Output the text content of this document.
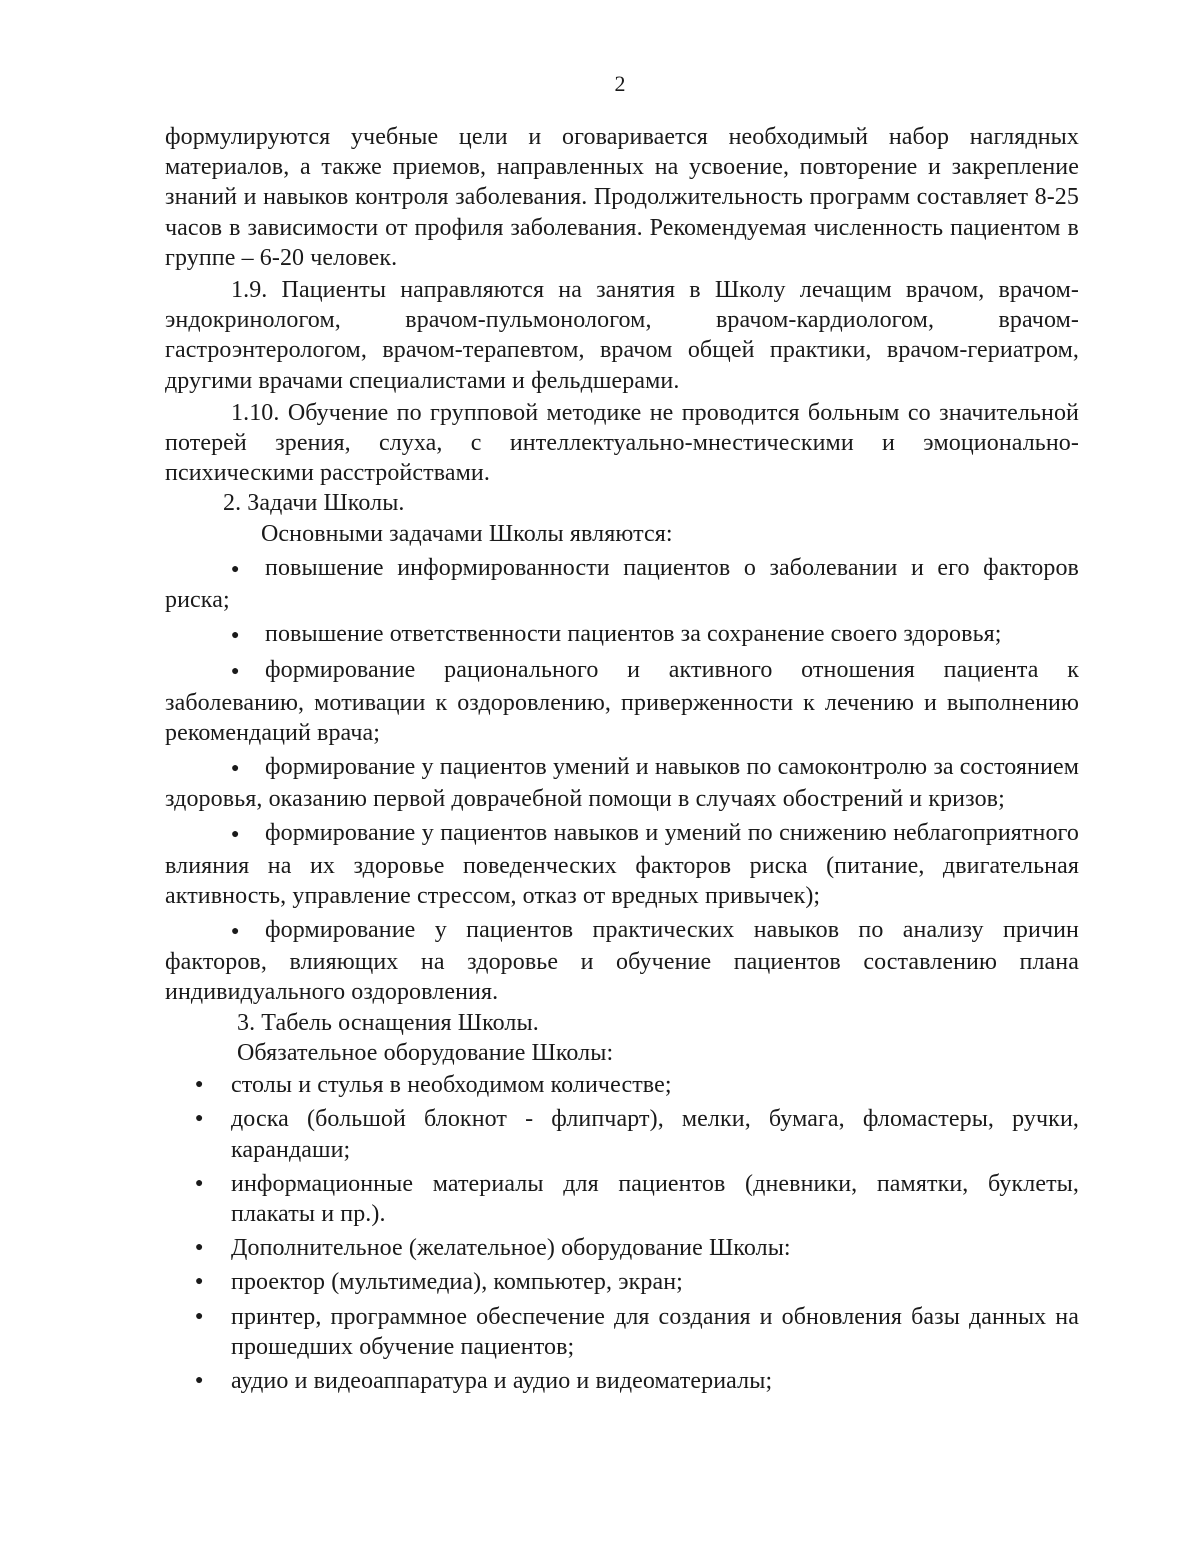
2

формулируются учебные цели и оговаривается необходимый набор наглядных материалов, а также приемов, направленных на усвоение, повторение и закрепление знаний и навыков контроля заболевания. Продолжительность программ составляет 8-25 часов в зависимости от профиля заболевания. Рекомендуемая численность пациентом в группе – 6-20 человек.

1.9. Пациенты направляются на занятия в Школу лечащим врачом, врачом-эндокринологом, врачом-пульмонологом, врачом-кардиологом, врачом-гастроэнтерологом, врачом-терапевтом, врачом общей практики, врачом-гериатром, другими врачами специалистами и фельдшерами.

1.10. Обучение по групповой методике не проводится больным со значительной потерей зрения, слуха, с интеллектуально-мнестическими и эмоционально-психическими расстройствами.

2. Задачи Школы.

Основными задачами Школы являются:

● повышение информированности пациентов о заболевании и его факторов риска;

● повышение ответственности пациентов за сохранение своего здоровья;

● формирование рационального и активного отношения пациента к заболеванию, мотивации к оздоровлению, приверженности к лечению и выполнению рекомендаций врача;

● формирование у пациентов умений и навыков по самоконтролю за состоянием здоровья, оказанию первой доврачебной помощи в случаях обострений и кризов;

● формирование у пациентов навыков и умений по снижению неблагоприятного влияния на их здоровье поведенческих факторов риска (питание, двигательная активность, управление стрессом, отказ от вредных привычек);

● формирование у пациентов практических навыков по анализу причин факторов, влияющих на здоровье и обучение пациентов составлению плана индивидуального оздоровления.

3. Табель оснащения Школы.

Обязательное оборудование Школы:

● столы и стулья в необходимом количестве;
● доска (большой блокнот - флипчарт), мелки, бумага, фломастеры, ручки, карандаши;
● информационные материалы для пациентов (дневники, памятки, буклеты, плакаты и пр.).
● Дополнительное (желательное) оборудование Школы:
● проектор (мультимедиа), компьютер, экран;
● принтер, программное обеспечение для создания и обновления базы данных на прошедших обучение пациентов;
● аудио и видеоаппаратура и аудио и видеоматериалы;
